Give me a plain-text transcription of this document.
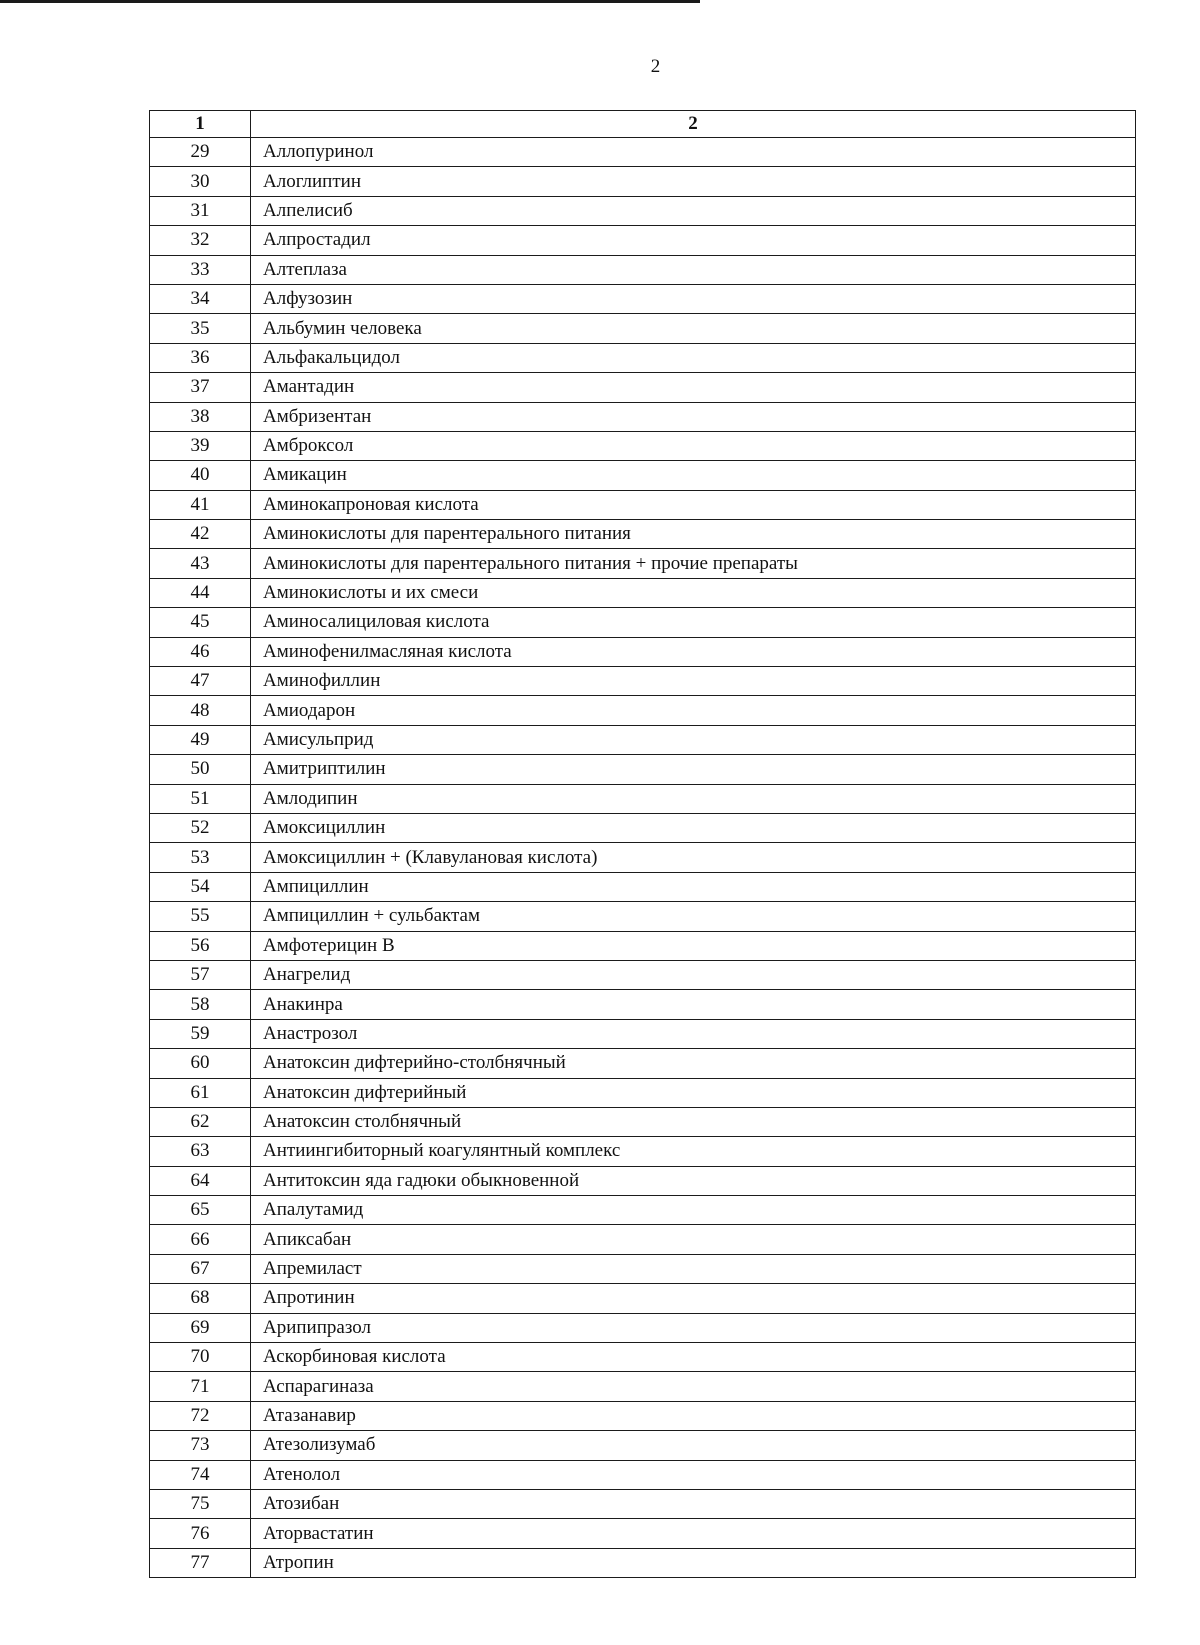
2
1	2
29	Аллопуринол
30	Алоглиптин
31	Алпелисиб
32	Алпростадил
33	Алтеплаза
34	Алфузозин
35	Альбумин человека
36	Альфакальцидол
37	Амантадин
38	Амбризентан
39	Амброксол
40	Амикацин
41	Аминокапроновая кислота
42	Аминокислоты для парентерального питания
43	Аминокислоты для парентерального питания + прочие препараты
44	Аминокислоты и их смеси
45	Аминосалициловая кислота
46	Аминофенилмасляная кислота
47	Аминофиллин
48	Амиодарон
49	Амисульприд
50	Амитриптилин
51	Амлодипин
52	Амоксициллин
53	Амоксициллин + (Клавулановая кислота)
54	Ампициллин
55	Ампициллин + сульбактам
56	Амфотерицин В
57	Анагрелид
58	Анакинра
59	Анастрозол
60	Анатоксин дифтерийно-столбнячный
61	Анатоксин дифтерийный
62	Анатоксин столбнячный
63	Антиингибиторный коагулянтный комплекс
64	Антитоксин яда гадюки обыкновенной
65	Апалутамид
66	Апиксабан
67	Апремиласт
68	Апротинин
69	Арипипразол
70	Аскорбиновая кислота
71	Аспарагиназа
72	Атазанавир
73	Атезолизумаб
74	Атенолол
75	Атозибан
76	Аторвастатин
77	Атропин
